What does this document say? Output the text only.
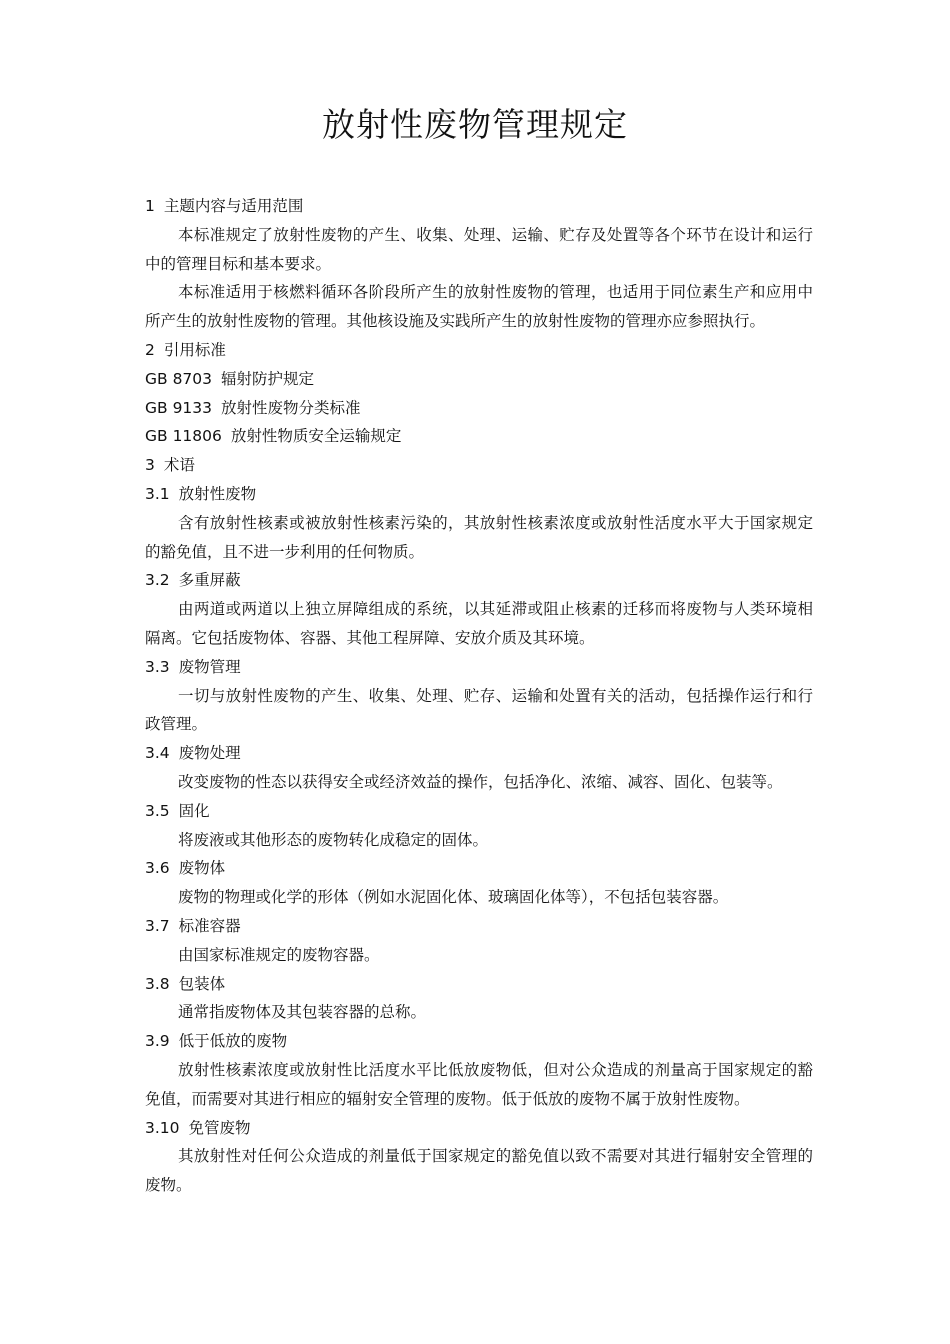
放射性废物管理规定

1 主题内容与适用范围

本标准规定了放射性废物的产生、收集、处理、运输、贮存及处置等各个环节在设计和运行中的管理目标和基本要求。

本标准适用于核燃料循环各阶段所产生的放射性废物的管理，也适用于同位素生产和应用中所产生的放射性废物的管理。其他核设施及实践所产生的放射性废物的管理亦应参照执行。

2 引用标准

GB 8703 辐射防护规定

GB 9133 放射性废物分类标准

GB 11806 放射性物质安全运输规定

3 术语

3.1 放射性废物

含有放射性核素或被放射性核素污染的，其放射性核素浓度或放射性活度水平大于国家规定的豁免值，且不进一步利用的任何物质。

3.2 多重屏蔽

由两道或两道以上独立屏障组成的系统，以其延滞或阻止核素的迁移而将废物与人类环境相隔离。它包括废物体、容器、其他工程屏障、安放介质及其环境。

3.3 废物管理

一切与放射性废物的产生、收集、处理、贮存、运输和处置有关的活动，包括操作运行和行政管理。

3.4 废物处理

改变废物的性态以获得安全或经济效益的操作，包括净化、浓缩、减容、固化、包装等。

3.5 固化

将废液或其他形态的废物转化成稳定的固体。

3.6 废物体

废物的物理或化学的形体（例如水泥固化体、玻璃固化体等），不包括包装容器。

3.7 标准容器

由国家标准规定的废物容器。

3.8 包装体

通常指废物体及其包装容器的总称。

3.9 低于低放的废物

放射性核素浓度或放射性比活度水平比低放废物低，但对公众造成的剂量高于国家规定的豁免值，而需要对其进行相应的辐射安全管理的废物。低于低放的废物不属于放射性废物。

3.10 免管废物

其放射性对任何公众造成的剂量低于国家规定的豁免值以致不需要对其进行辐射安全管理的废物。
